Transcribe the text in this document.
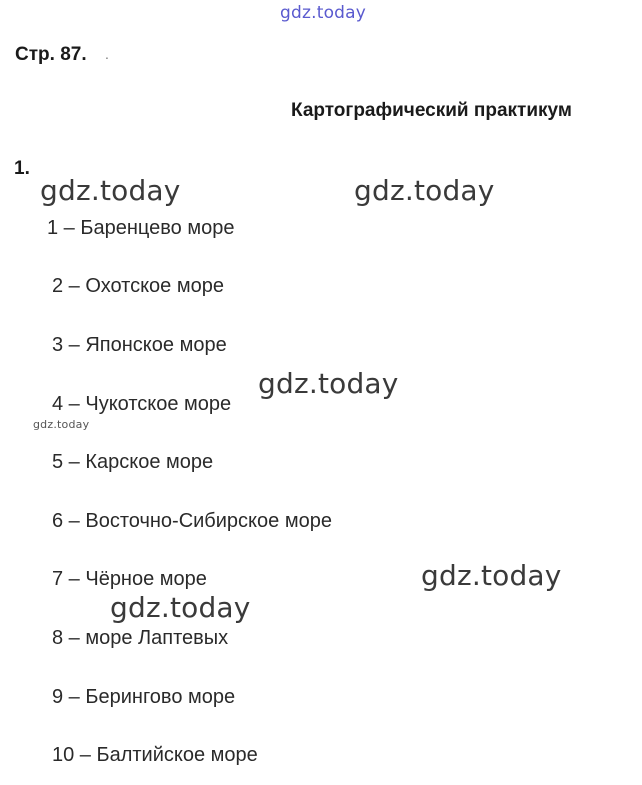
gdz.today
gdz.today	gdz.today
gdz.today
gdz.today
gdz.today
gdz.today
Стр. 87. .
Картографический практикум
1.
1 – Баренцево море
2 – Охотское море
3 – Японское море
4 – Чукотское море
5 – Карское море
6 – Восточно-Сибирское море
7 – Чёрное море
8 – море Лаптевых
9 – Берингово море
10 – Балтийское море
